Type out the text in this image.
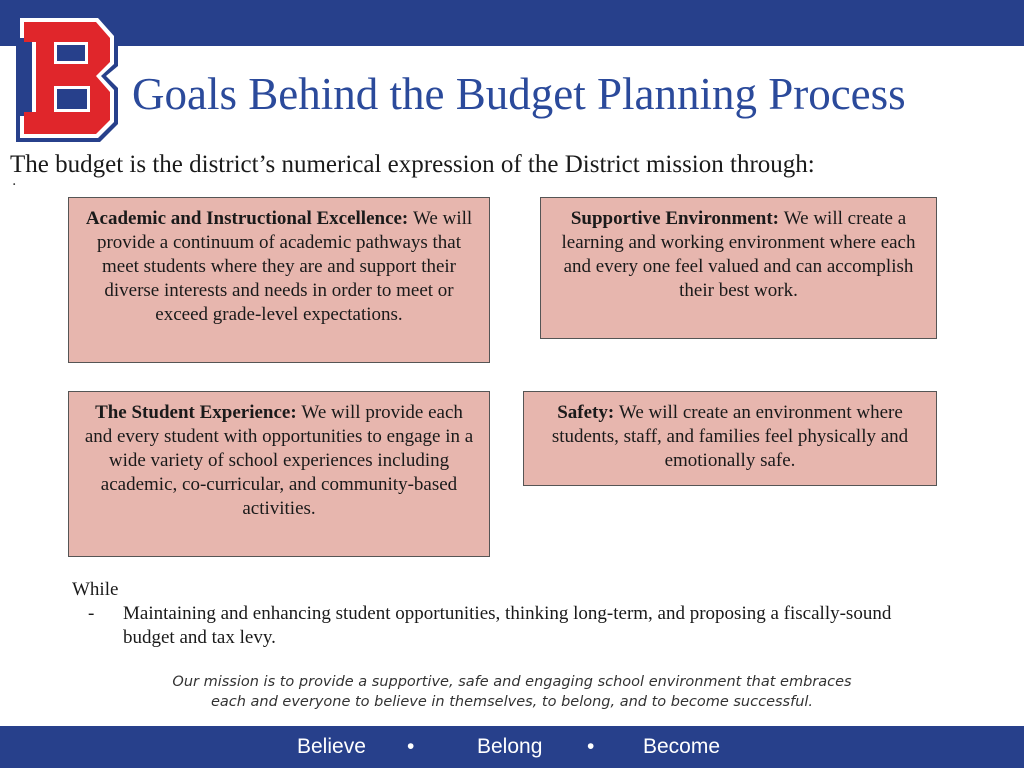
Goals Behind the Budget Planning Process

The budget is the district’s numerical expression of the District mission through:

·
Academic and Instructional Excellence: We will provide a continuum of academic pathways that meet students where they are and support their diverse interests and needs in order to meet or exceed grade-level expectations.
Supportive Environment: We will create a learning and working environment where each and every one feel valued and can accomplish their best work.
The Student Experience: We will provide each and every student with opportunities to engage in a wide variety of school experiences including academic, co-curricular, and community-based activities.
Safety: We will create an environment where students, staff, and families feel physically and emotionally safe.
While
- Maintaining and enhancing student opportunities, thinking long-term, and proposing a fiscally-sound budget and tax levy.
Our mission is to provide a supportive, safe and engaging school environment that embraces each and everyone to believe in themselves, to belong, and to become successful.
Believe •	Belong • Become
